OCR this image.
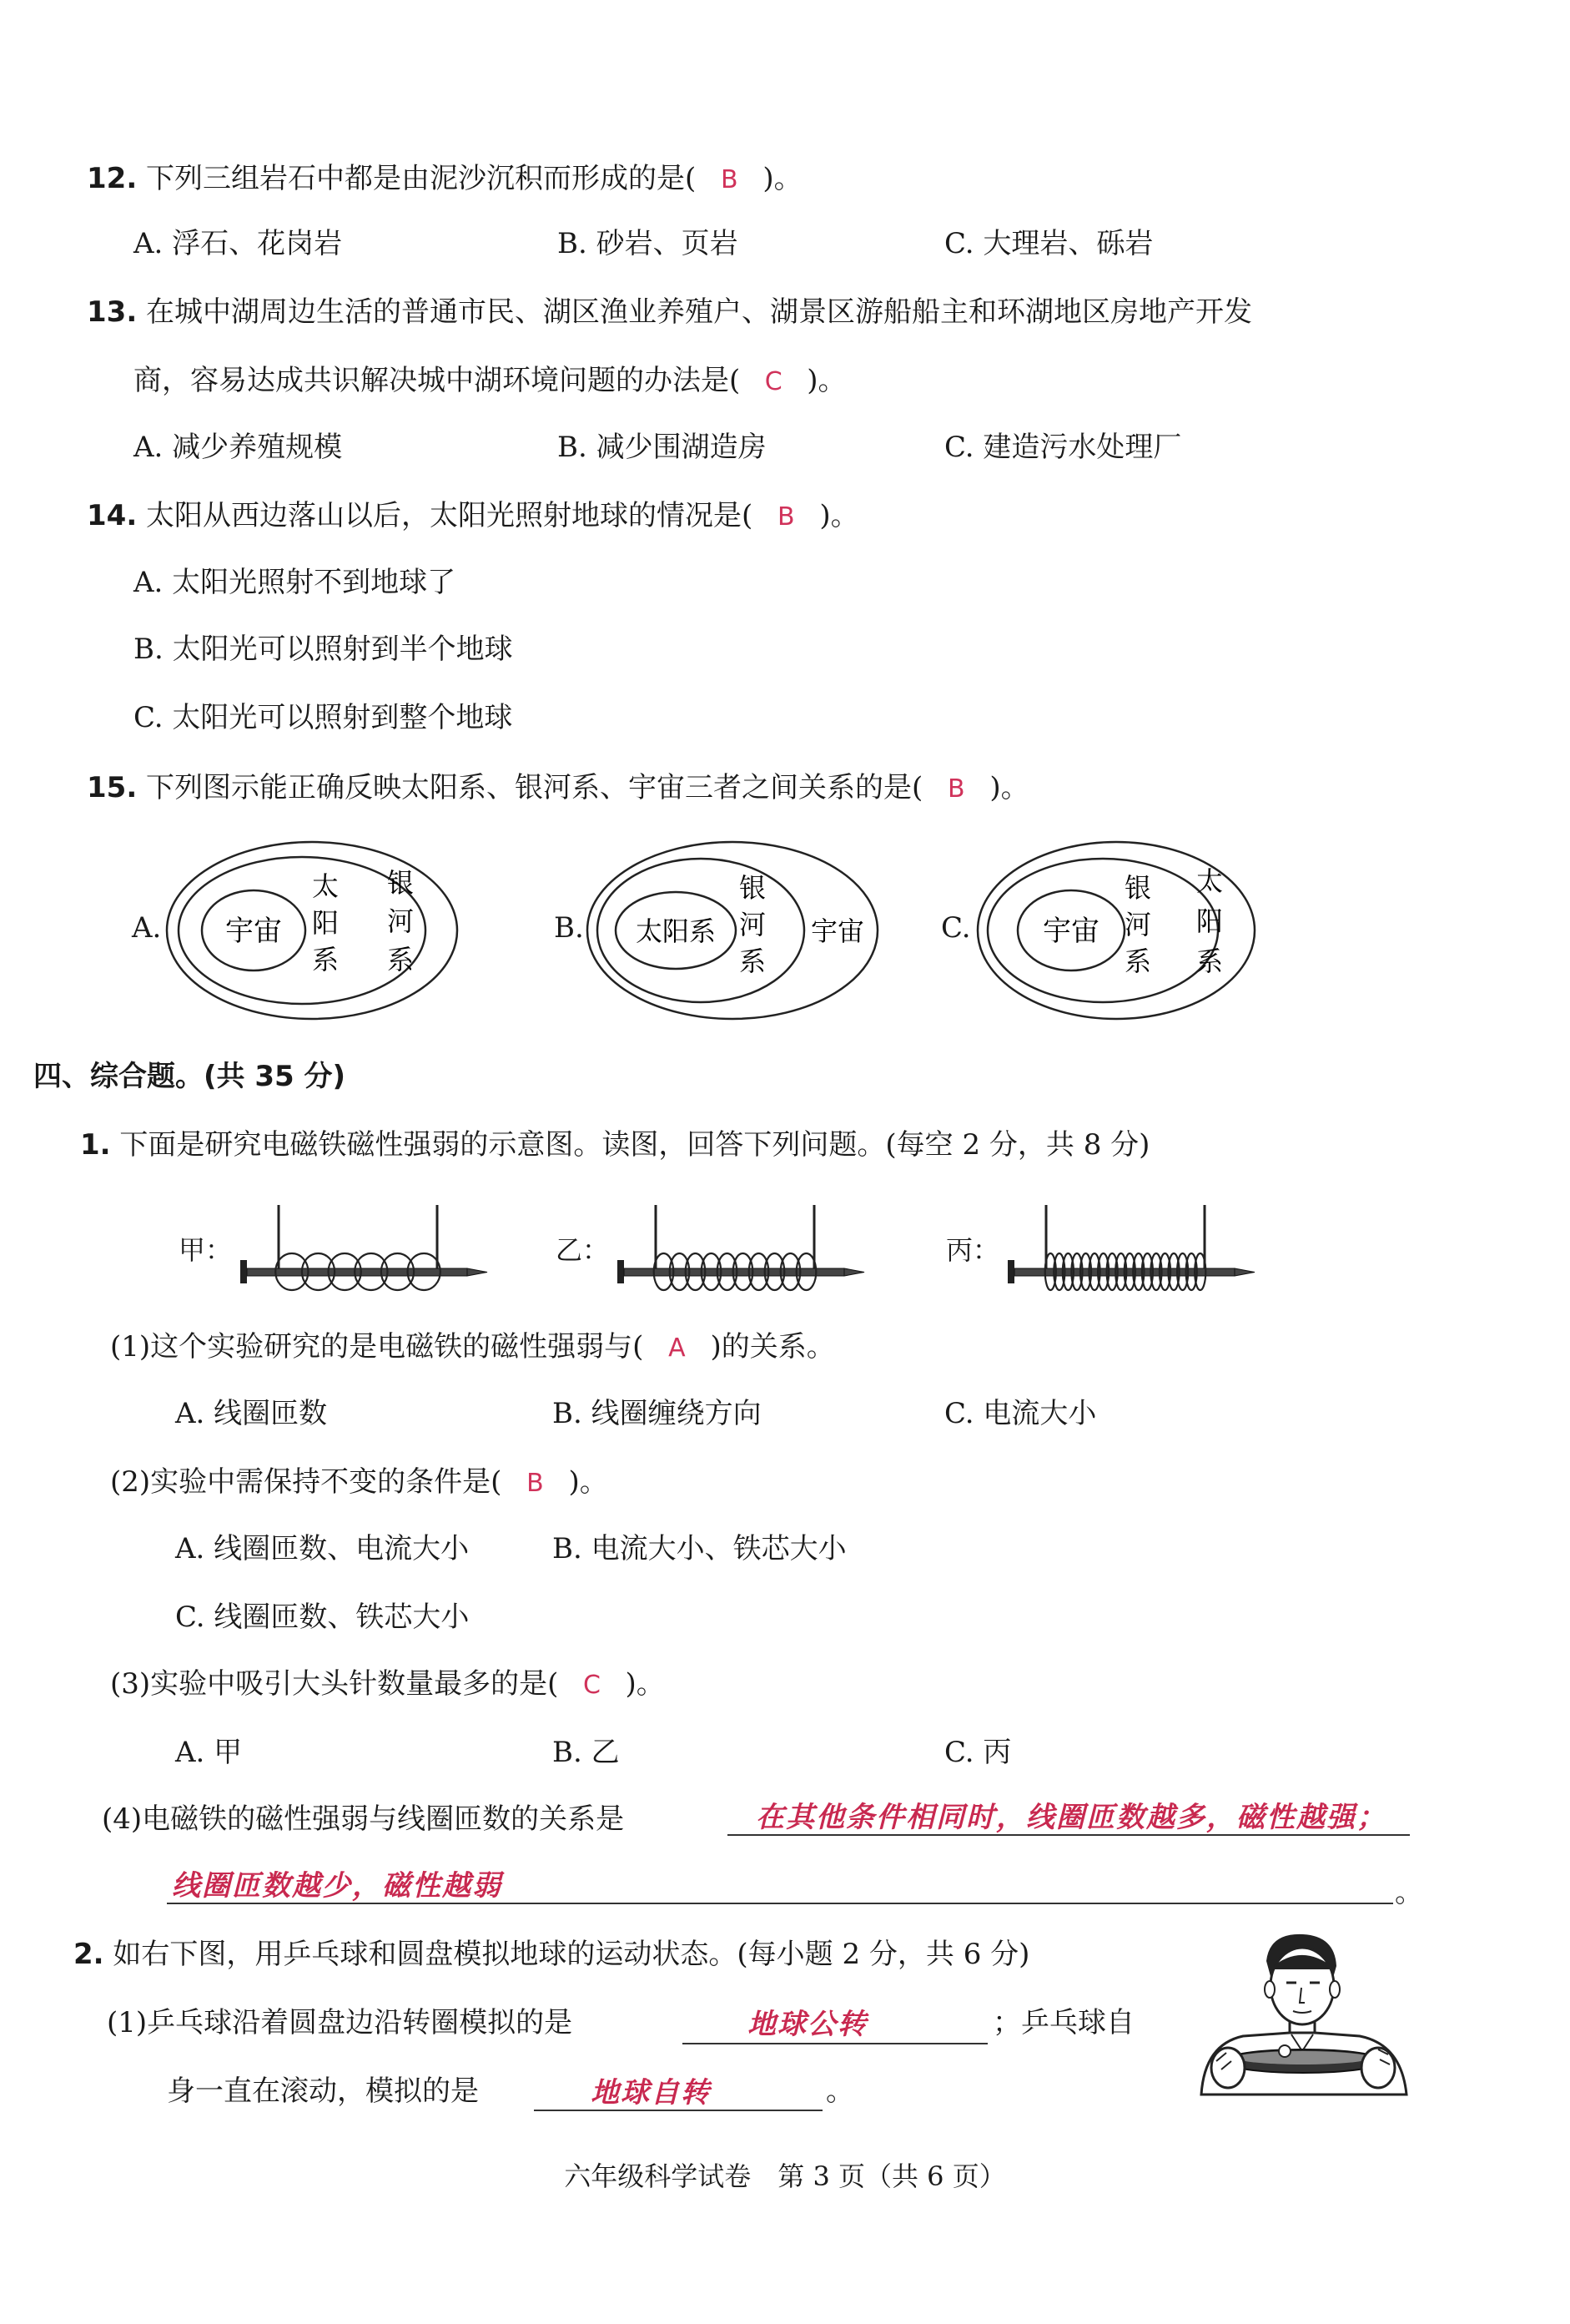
12. 下列三组岩石中都是由泥沙沉积而形成的是( B )。
A. 浮石、花岗岩	B. 砂岩、页岩	C. 大理岩、砾岩
13. 在城中湖周边生活的普通市民、湖区渔业养殖户、湖景区游船船主和环湖地区房地产开发
商，容易达成共识解决城中湖环境问题的办法是( C )。
A. 减少养殖规模	B. 减少围湖造房	C. 建造污水处理厂
14. 太阳从西边落山以后，太阳光照射地球的情况是( B )。
A. 太阳光照射不到地球了
B. 太阳光可以照射到半个地球
C. 太阳光可以照射到整个地球
15. 下列图示能正确反映太阳系、银河系、宇宙三者之间关系的是( B )。
A. 宇宙
太
阳
系
银
河
系
B. 太阳系
银
河
系
宇宙	C.	宇宙
银
河
系
太
阳
系
四、综合题。(共 35 分)
1. 下面是研究电磁铁磁性强弱的示意图。读图，回答下列问题。(每空 2 分，共 8 分)
甲：	乙：	丙：
(1)这个实验研究的是电磁铁的磁性强弱与( A )的关系。
A. 线圈匝数	B. 线圈缠绕方向	C. 电流大小
(2)实验中需保持不变的条件是( B )。
A. 线圈匝数、电流大小	B. 电流大小、铁芯大小
C. 线圈匝数、铁芯大小
(3)实验中吸引大头针数量最多的是( C )。
A. 甲	B. 乙	C. 丙
(4)电磁铁的磁性强弱与线圈匝数的关系是	在其他条件相同时，线圈匝数越多，磁性越强；
线圈匝数越少，磁性越弱	。
2. 如右下图，用乒乓球和圆盘模拟地球的运动状态。(每小题 2 分，共 6 分)
(1)乒乓球沿着圆盘边沿转圈模拟的是	地球公转	；乒乓球自
身一直在滚动，模拟的是	地球自转	。
六年级科学试卷　第 3 页（共 6 页）
